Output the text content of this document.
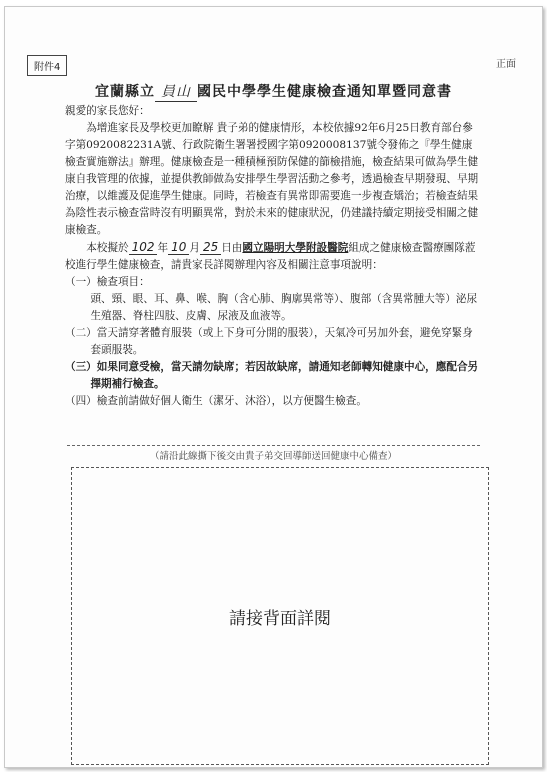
附件4	正面
宜蘭縣立 員山 國民中學學生健康檢查通知單暨同意書

親愛的家長您好：

為增進家長及學校更加瞭解 貴子弟的健康情形，本校依據92年6月25日教育部台參字第0920082231A號、行政院衛生署署授國字第0920008137號令發佈之『學生健康檢查實施辦法』辦理。健康檢查是一種積極預防保健的篩檢措施，檢查結果可做為學生健康自我管理的依據，並提供教師做為安排學生學習活動之參考，透過檢查早期發現、早期治療，以維護及促進學生健康。同時，若檢查有異常即需要進一步複查矯治；若檢查結果為陰性表示檢查當時沒有明顯異常，對於未來的健康狀況，仍建議持續定期接受相關之健康檢查。

本校擬於 102 年 10 月 25 日由國立陽明大學附設醫院組成之健康檢查醫療團隊蒞校進行學生健康檢查，請貴家長詳閱辦理內容及相關注意事項說明：

（一）檢查項目：

頭、頸、眼、耳、鼻、喉、胸（含心肺、胸廓異常等）、腹部（含異常腫大等）泌尿生殖器、脊柱四肢、皮膚、尿液及血液等。

（二）當天請穿著體育服裝（或上下身可分開的服裝），天氣冷可另加外套，避免穿緊身套頭服裝。

（三）如果同意受檢，當天請勿缺席；若因故缺席，請通知老師轉知健康中心，應配合另擇期補行檢查。

（四）檢查前請做好個人衛生（潔牙、沐浴），以方便醫生檢查。

（請沿此線撕下後交由貴子弟交回導師送回健康中心備查）
請接背面詳閱
